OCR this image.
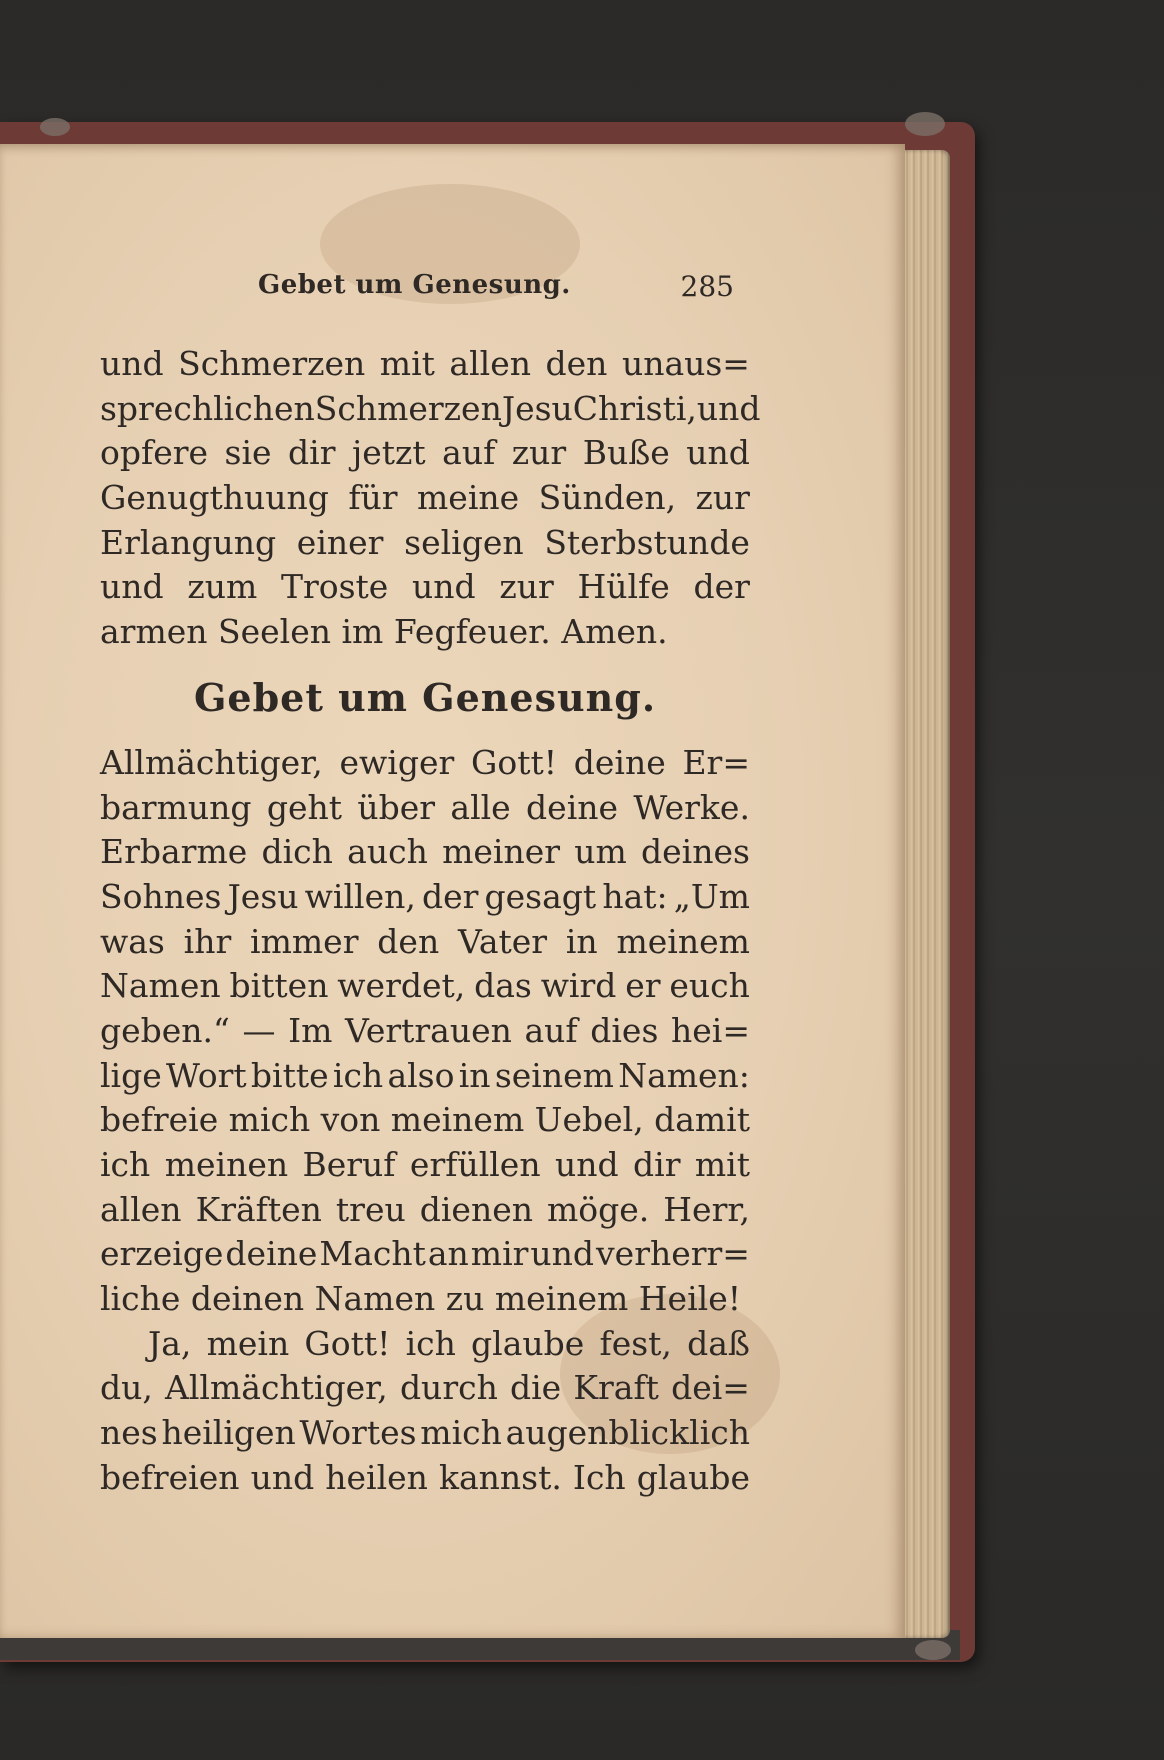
Gebet um Genesung.	285
und Schmerzen mit allen den unaus=
sprechlichen Schmerzen Jesu Christi, und
opfere sie dir jetzt auf zur Buße und
Genugthuung für meine Sünden, zur
Erlangung einer seligen Sterbstunde
und zum Troste und zur Hülfe der
armen Seelen im Fegfeuer. Amen.
Gebet um Genesung.
Allmächtiger, ewiger Gott! deine Er=
barmung geht über alle deine Werke.
Erbarme dich auch meiner um deines
Sohnes Jesu willen, der gesagt hat: „Um
was ihr immer den Vater in meinem
Namen bitten werdet, das wird er euch
geben.“ — Im Vertrauen auf dies hei=
lige Wort bitte ich also in seinem Namen:
befreie mich von meinem Uebel, damit
ich meinen Beruf erfüllen und dir mit
allen Kräften treu dienen möge. Herr,
erzeige deine Macht an mir und verherr=
liche deinen Namen zu meinem Heile!
Ja, mein Gott! ich glaube fest, daß
du, Allmächtiger, durch die Kraft dei=
nes heiligen Wortes mich augenblicklich
befreien und heilen kannst. Ich glaube
